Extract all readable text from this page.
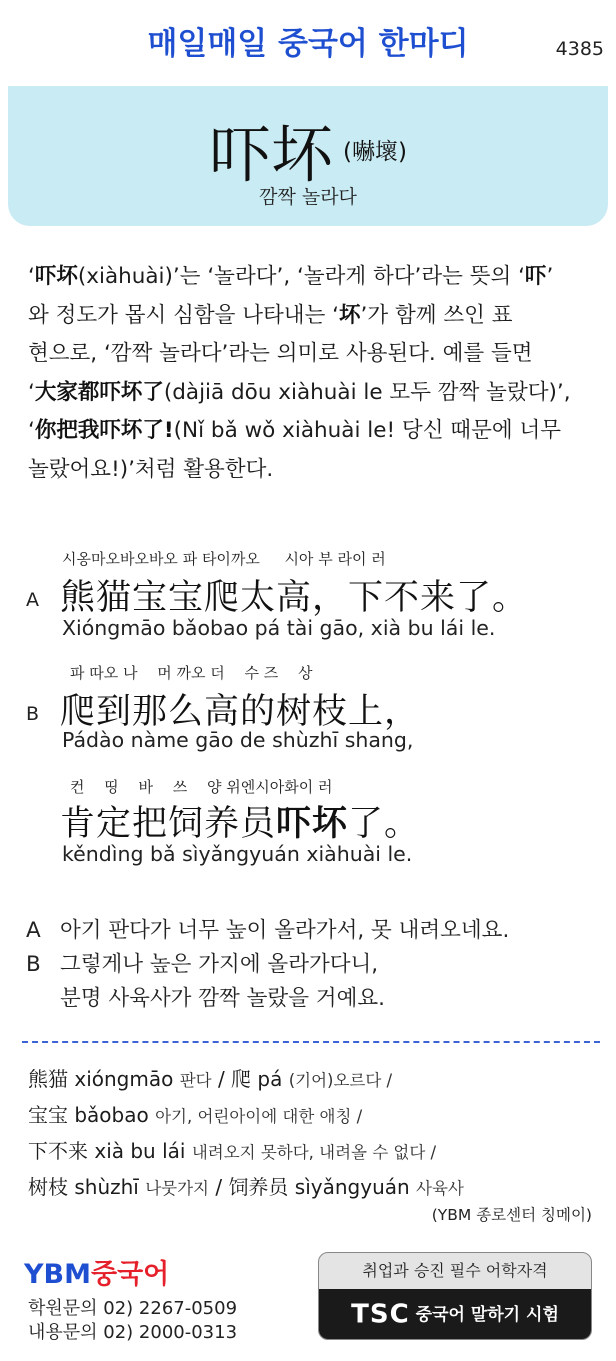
매일매일 중국어 한마디	4385
吓坏 (嚇壞)
깜짝 놀라다

‘吓坏(xiàhuài)’는 ‘놀라다’, ‘놀라게 하다’라는 뜻의 ‘吓’

와 정도가 몹시 심함을 나타내는 ‘坏’가 함께 쓰인 표

현으로, ‘깜짝 놀라다’라는 의미로 사용된다. 예를 들면

‘大家都吓坏了(dàjiā dōu xiàhuài le 모두 깜짝 놀랐다)’,

‘你把我吓坏了!(Nǐ bǎ wǒ xiàhuài le! 당신 때문에 너무

놀랐어요!)’처럼 활용한다.

시옹마오바오바오 파 타이까오 　 시아 부 라이 러
A 熊猫宝宝爬太高，下不来了。
Xióngmāo bǎobao pá tài gāo, xià bu lái le.
파 따오 나 　머 까오 더 　수 즈 　상
B 爬到那么高的树枝上，
Pádào nàme gāo de shùzhī shang,
컨 　띵 　바 　쓰 　양 위엔시아화이 러
肯定把饲养员吓坏了。
kěndìng bǎ sìyǎngyuán xiàhuài le.
A 아기 판다가 너무 높이 올라가서, 못 내려오네요.
B 그렇게나 높은 가지에 올라가다니,
분명 사육사가 깜짝 놀랐을 거예요.

熊猫 xióngmāo 판다 / 爬 pá (기어)오르다 /

宝宝 bǎobao 아기, 어린아이에 대한 애칭 /

下不来 xià bu lái 내려오지 못하다, 내려올 수 없다 /

树枝 shùzhī 나뭇가지 / 饲养员 sìyǎngyuán 사육사

(YBM 종로센터 칭메이)
YBM중국어
학원문의 02) 2267-0509
내용문의 02) 2000-0313
취업과 승진 필수 어학자격
TSC 중국어 말하기 시험
